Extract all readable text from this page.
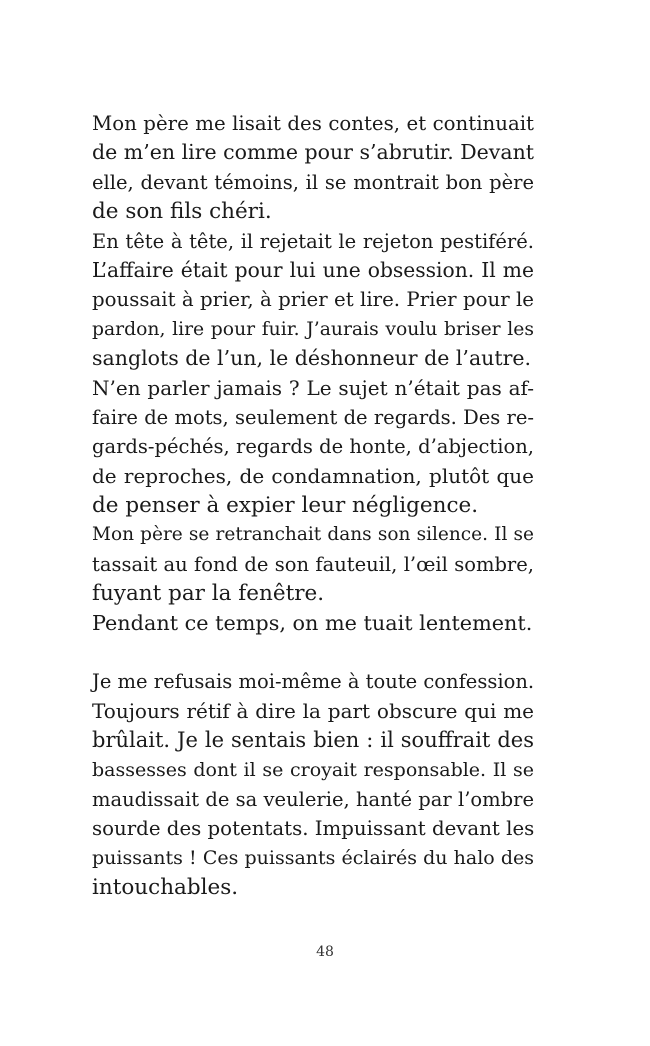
Mon père me lisait des contes, et continuait
de m’en lire comme pour s’abrutir. Devant
elle, devant témoins, il se montrait bon père
de son fils chéri.
En tête à tête, il rejetait le rejeton pestiféré.
L’affaire était pour lui une obsession. Il me
poussait à prier, à prier et lire. Prier pour le
pardon, lire pour fuir. J’aurais voulu briser les
sanglots de l’un, le déshonneur de l’autre.
N’en parler jamais ? Le sujet n’était pas af-
faire de mots, seulement de regards. Des re-
gards-péchés, regards de honte, d’abjection,
de reproches, de condamnation, plutôt que
de penser à expier leur négligence.
Mon père se retranchait dans son silence. Il se
tassait au fond de son fauteuil, l’œil sombre,
fuyant par la fenêtre.
Pendant ce temps, on me tuait lentement.
Je me refusais moi-même à toute confession.
Toujours rétif à dire la part obscure qui me
brûlait. Je le sentais bien : il souffrait des
bassesses dont il se croyait responsable. Il se
maudissait de sa veulerie, hanté par l’ombre
sourde des potentats. Impuissant devant les
puissants ! Ces puissants éclairés du halo des
intouchables.
48
